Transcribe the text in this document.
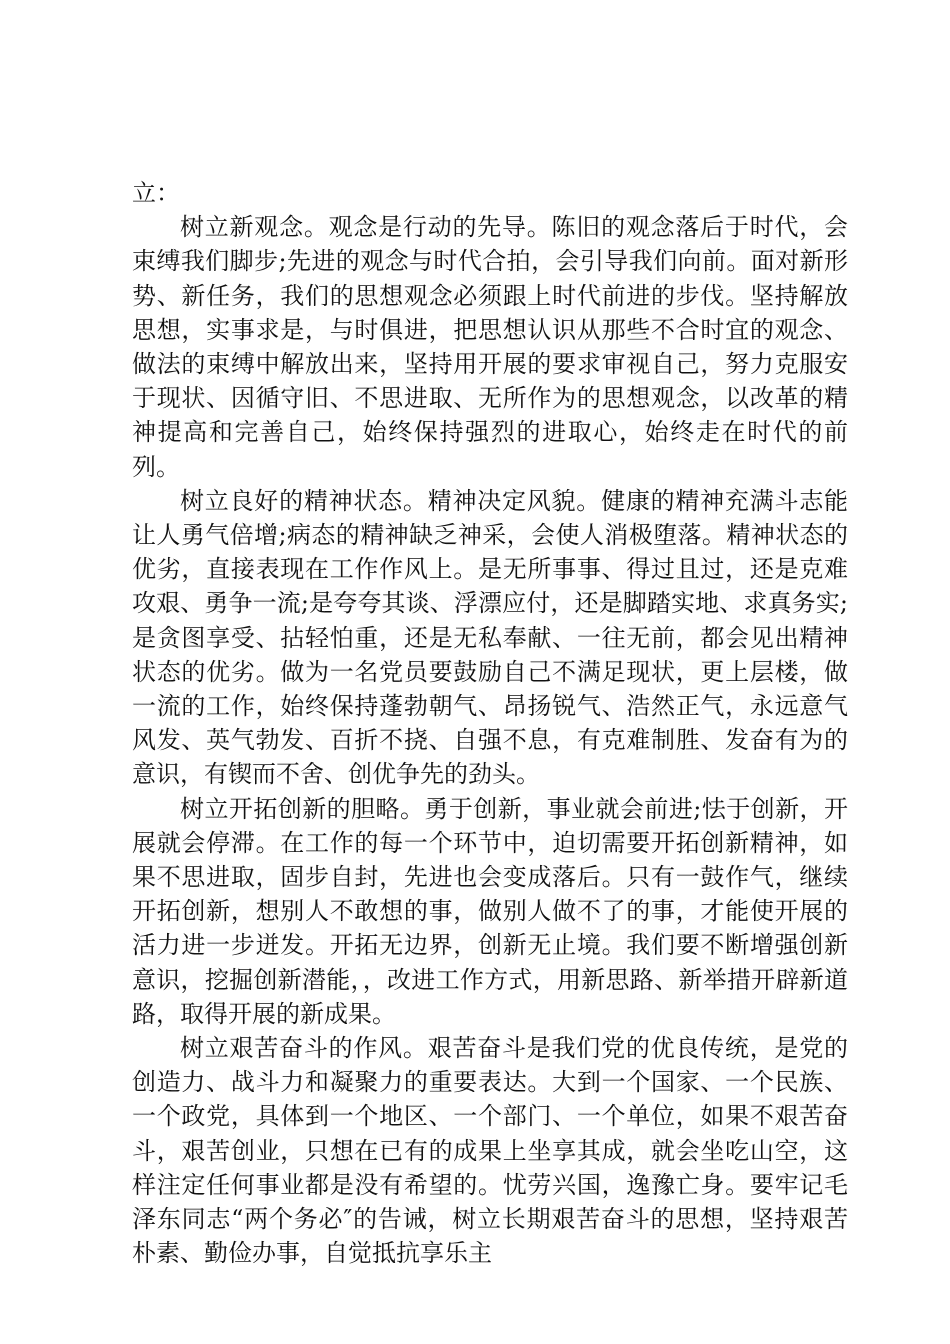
立：

树立新观念。观念是行动的先导。陈旧的观念落后于时代，会束缚我们脚步;先进的观念与时代合拍，会引导我们向前。面对新形势、新任务，我们的思想观念必须跟上时代前进的步伐。坚持解放思想，实事求是，与时俱进，把思想认识从那些不合时宜的观念、做法的束缚中解放出来，坚持用开展的要求审视自己，努力克服安于现状、因循守旧、不思进取、无所作为的思想观念，以改革的精神提高和完善自己，始终保持强烈的进取心，始终走在时代的前列。

树立良好的精神状态。精神决定风貌。健康的精神充满斗志能让人勇气倍增;病态的精神缺乏神采，会使人消极堕落。精神状态的优劣，直接表现在工作作风上。是无所事事、得过且过，还是克难攻艰、勇争一流;是夸夸其谈、浮漂应付，还是脚踏实地、求真务实;是贪图享受、拈轻怕重，还是无私奉献、一往无前，都会见出精神状态的优劣。做为一名党员要鼓励自己不满足现状，更上层楼，做一流的工作，始终保持蓬勃朝气、昂扬锐气、浩然正气，永远意气风发、英气勃发、百折不挠、自强不息，有克难制胜、发奋有为的意识，有锲而不舍、创优争先的劲头。

树立开拓创新的胆略。勇于创新，事业就会前进;怯于创新，开展就会停滞。在工作的每一个环节中，迫切需要开拓创新精神，如果不思进取，固步自封，先进也会变成落后。只有一鼓作气，继续开拓创新，想别人不敢想的事，做别人做不了的事，才能使开展的活力进一步迸发。开拓无边界，创新无止境。我们要不断增强创新意识，挖掘创新潜能，，改进工作方式，用新思路、新举措开辟新道路，取得开展的新成果。

树立艰苦奋斗的作风。艰苦奋斗是我们党的优良传统，是党的创造力、战斗力和凝聚力的重要表达。大到一个国家、一个民族、一个政党，具体到一个地区、一个部门、一个单位，如果不艰苦奋斗，艰苦创业，只想在已有的成果上坐享其成，就会坐吃山空，这样注定任何事业都是没有希望的。忧劳兴国，逸豫亡身。要牢记毛泽东同志“两个务必″的告诫，树立长期艰苦奋斗的思想，坚持艰苦朴素、勤俭办事，自觉抵抗享乐主
